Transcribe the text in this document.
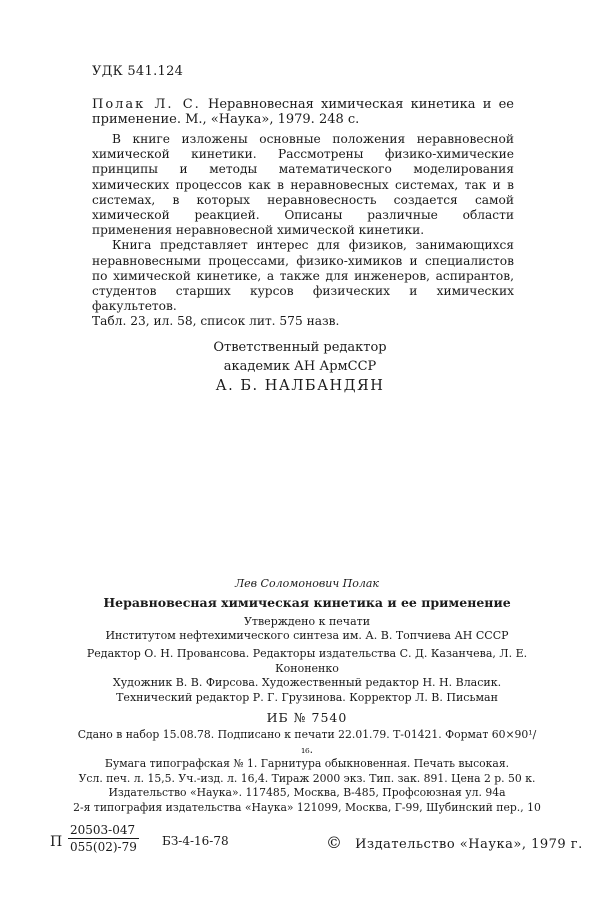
УДК 541.124
Полак Л. С. Неравновесная химическая кинетика и ее применение. М., «Наука», 1979. 248 с.

В книге изложены основные положения неравновесной химической кинетики. Рассмотрены физико-химические принципы и методы математического моделирования химических процессов как в неравновесных системах, так и в системах, в которых неравновесность создается самой химической реакцией. Описаны различные области применения неравновесной химической кинетики.

Книга представляет интерес для физиков, занимающихся неравновесными процессами, физико-химиков и специалистов по химической кинетике, а также для инженеров, аспирантов, студентов старших курсов физических и химических факультетов.

Табл. 23, ил. 58, список лит. 575 назв.

Ответственный редактор
академик АН АрмССР
А. Б. НАЛБАНДЯН
Лев Соломонович Полак
Неравновесная химическая кинетика и ее применение
Утверждено к печати
Институтом нефтехимического синтеза им. А. В. Топчиева АН СССР
Редактор О. Н. Провансова. Редакторы издательства С. Д. Казанчева, Л. Е. Кононенко
Художник В. В. Фирсова. Художественный редактор Н. Н. Власик.
Технический редактор Р. Г. Грузинова. Корректор Л. В. Письман
ИБ № 7540
Сдано в набор 15.08.78. Подписано к печати 22.01.79. Т-01421. Формат 60×90¹/₁₆.
Бумага типографская № 1. Гарнитура обыкновенная. Печать высокая.
Усл. печ. л. 15,5. Уч.-изд. л. 16,4. Тираж 2000 экз. Тип. зак. 891. Цена 2 р. 50 к.
Издательство «Наука». 117485, Москва, В-485, Профсоюзная ул. 94а
2-я типография издательства «Наука» 121099, Москва, Г-99, Шубинский пер., 10
П $\frac{20503-047}{055(02)-79} БЗ-4-16-78$	© Издательство «Наука», 1979 г.
